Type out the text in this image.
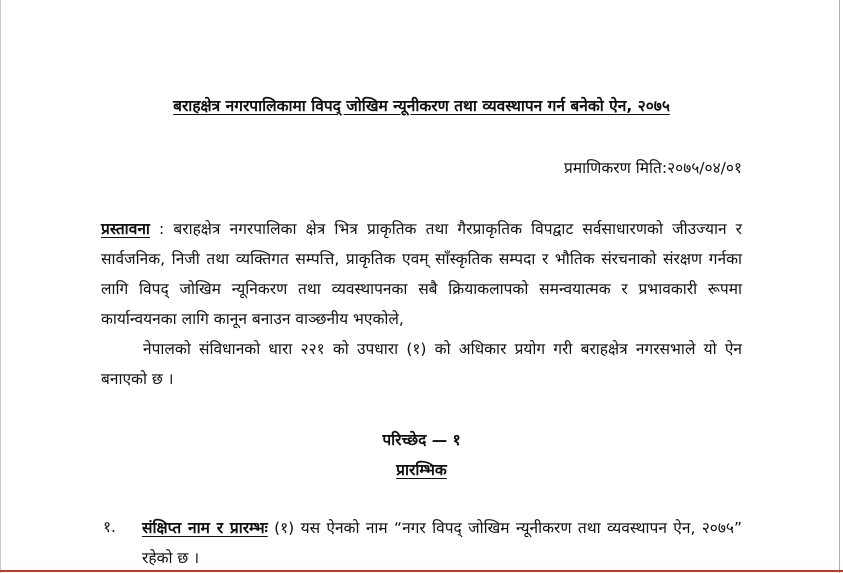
बराहक्षेत्र नगरपालिकामा विपद् जोखिम न्यूनीकरण तथा व्यवस्थापन गर्न बनेको ऐन, २०७५
प्रमाणिकरण मिति:२०७५/०४/०१
प्रस्तावना : बराहक्षेत्र नगरपालिका क्षेत्र भित्र प्राकृतिक तथा गैरप्राकृतिक विपद्वाट सर्वसाधारणको जीउज्यान र सार्वजनिक, निजी तथा व्यक्तिगत सम्पत्ति, प्राकृतिक एवम् साँस्कृतिक सम्पदा र भौतिक संरचनाको संरक्षण गर्नका लागि विपद् जोखिम न्यूनिकरण तथा व्यवस्थापनका सबै क्रियाकलापको समन्वयात्मक र प्रभावकारी रूपमा कार्यान्वयनका लागि कानून बनाउन वाञ्छनीय भएकोले,
नेपालको संविधानको धारा २२१ को उपधारा (१) को अधिकार प्रयोग गरी बराहक्षेत्र नगरसभाले यो ऐन बनाएको छ ।
परिच्छेद — १
प्रारम्भिक
१. संक्षिप्त नाम र प्रारम्भः (१) यस ऐनको नाम “नगर विपद् जोखिम न्यूनीकरण तथा व्यवस्थापन ऐन, २०७५” रहेको छ ।
